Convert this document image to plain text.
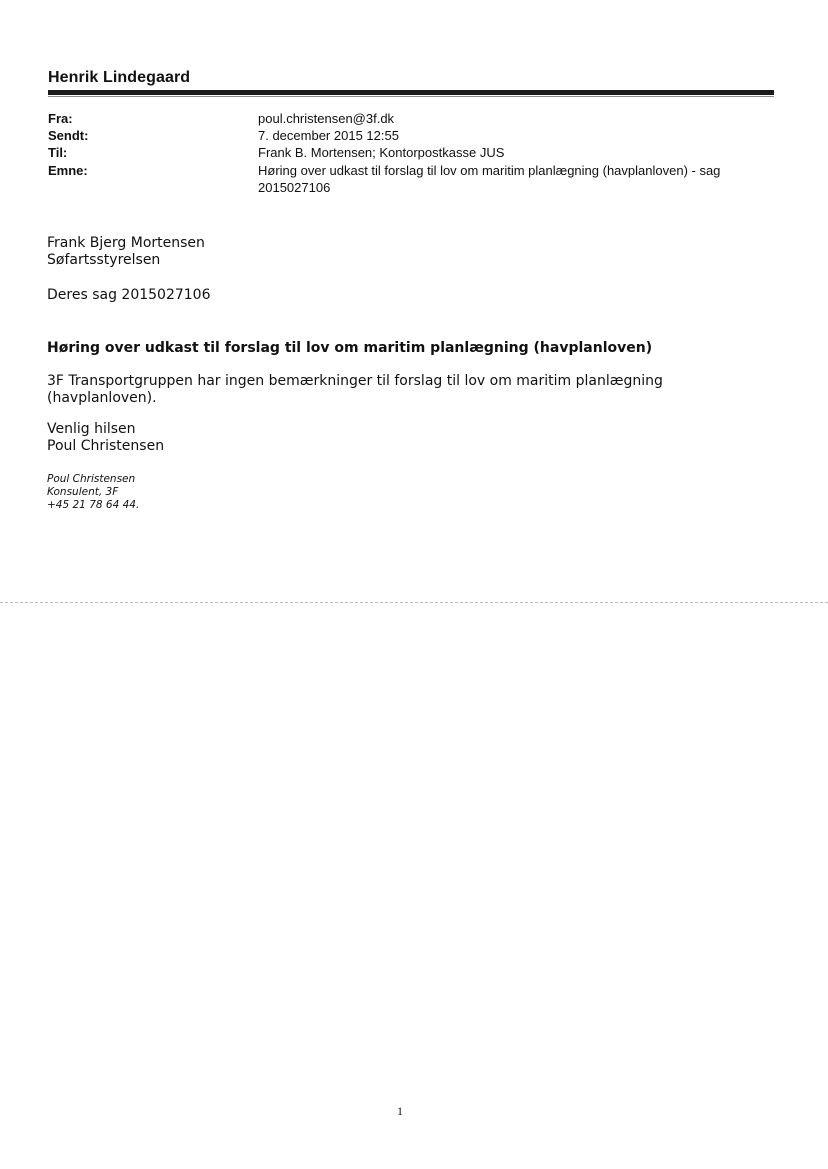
Henrik Lindegaard
Fra:	poul.christensen@3f.dk
Sendt:	7. december 2015 12:55
Til:	Frank B. Mortensen; Kontorpostkasse JUS
Emne:	Høring over udkast til forslag til lov om maritim planlægning (havplanloven) - sag
2015027106
Frank Bjerg Mortensen
Søfartsstyrelsen
Deres sag 2015027106
Høring over udkast til forslag til lov om maritim planlægning (havplanloven)
3F Transportgruppen har ingen bemærkninger til forslag til lov om maritim planlægning
(havplanloven).
Venlig hilsen
Poul Christensen
Poul Christensen
Konsulent, 3F
+45 21 78 64 44.
1
